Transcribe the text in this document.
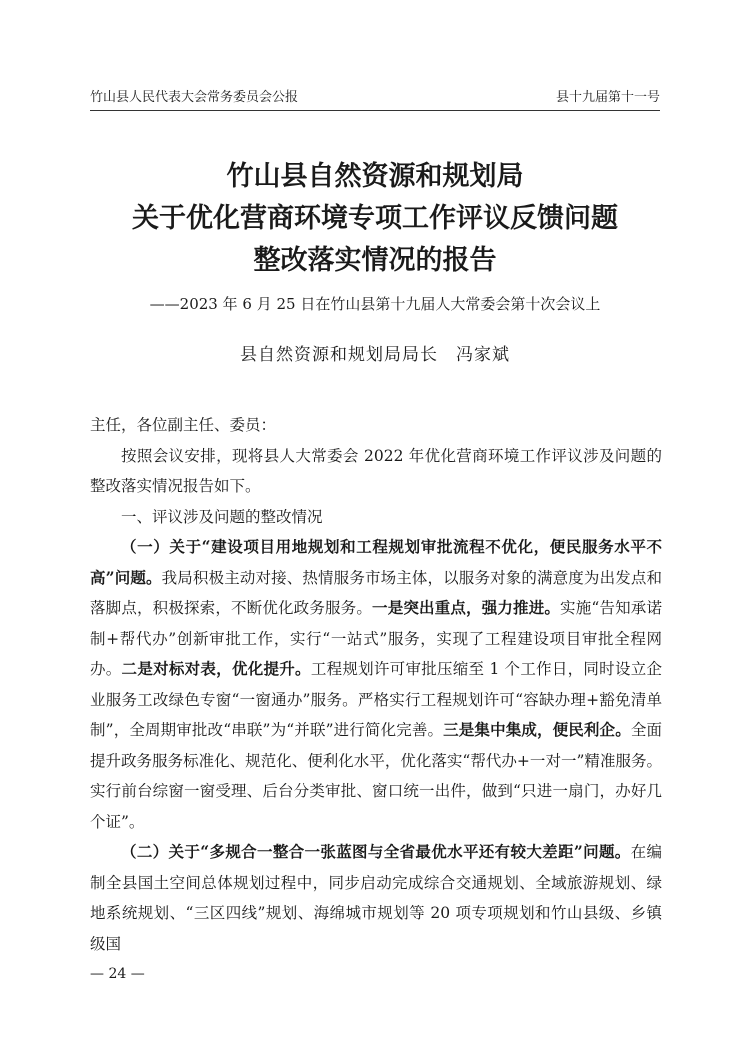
竹山县人民代表大会常务委员会公报	县十九届第十一号
竹山县自然资源和规划局
关于优化营商环境专项工作评议反馈问题
整改落实情况的报告
——2023 年 6 月 25 日在竹山县第十九届人大常委会第十次会议上
县自然资源和规划局局长　冯家斌

主任，各位副主任、委员：

按照会议安排，现将县人大常委会 2022 年优化营商环境工作评议涉及问题的整改落实情况报告如下。

一、评议涉及问题的整改情况

（一）关于“建设项目用地规划和工程规划审批流程不优化，便民服务水平不高”问题。我局积极主动对接、热情服务市场主体，以服务对象的满意度为出发点和落脚点，积极探索，不断优化政务服务。一是突出重点，强力推进。实施“告知承诺制+帮代办”创新审批工作，实行“一站式”服务，实现了工程建设项目审批全程网办。二是对标对表，优化提升。工程规划许可审批压缩至 1 个工作日，同时设立企业服务工改绿色专窗“一窗通办”服务。严格实行工程规划许可“容缺办理+豁免清单制”，全周期审批改“串联”为“并联”进行简化完善。三是集中集成，便民利企。全面提升政务服务标准化、规范化、便利化水平，优化落实“帮代办+一对一”精准服务。实行前台综窗一窗受理、后台分类审批、窗口统一出件，做到“只进一扇门，办好几个证”。

（二）关于“多规合一整合一张蓝图与全省最优水平还有较大差距”问题。在编制全县国土空间总体规划过程中，同步启动完成综合交通规划、全域旅游规划、绿地系统规划、“三区四线”规划、海绵城市规划等 20 项专项规划和竹山县级、乡镇级国

— 24 —
